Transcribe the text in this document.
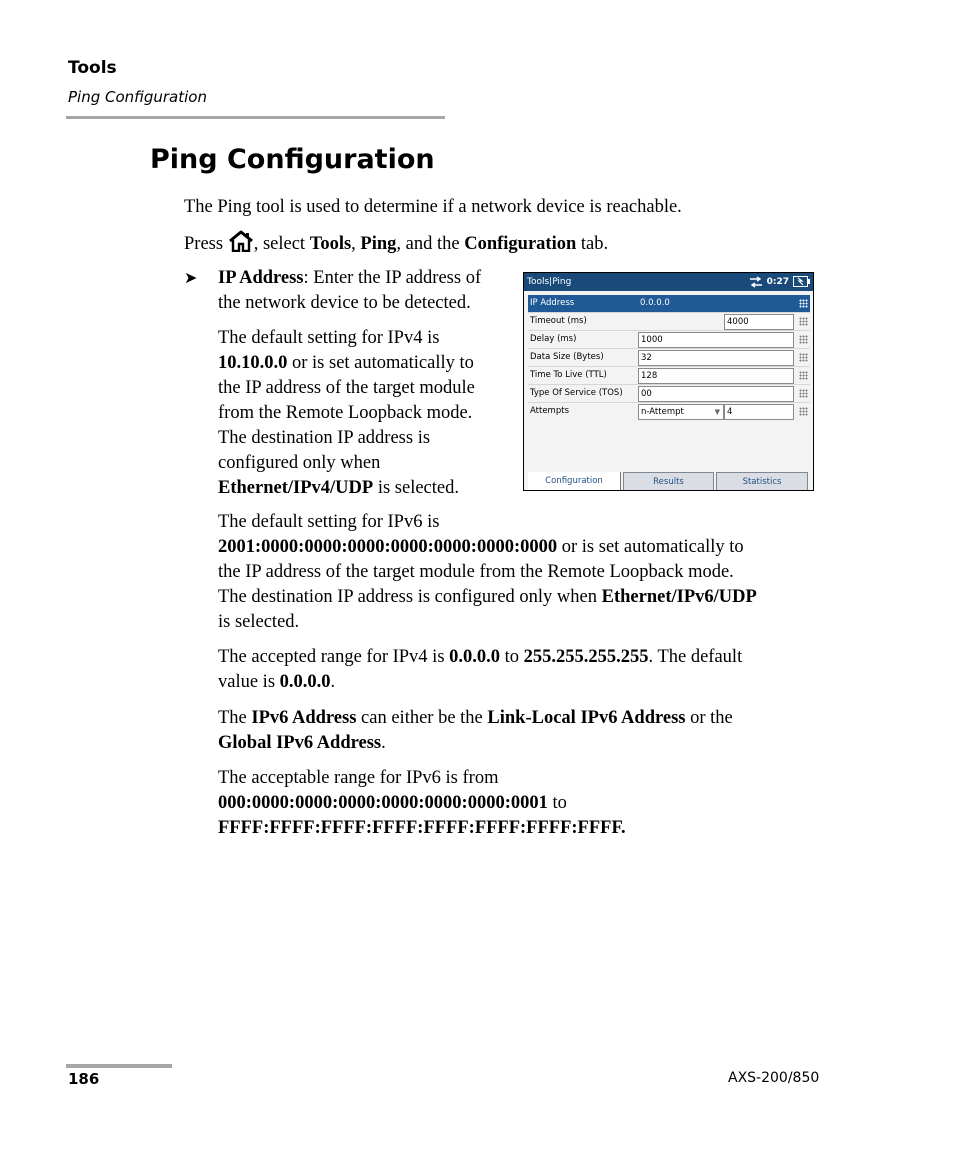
Tools
Ping Configuration
Ping Configuration
The Ping tool is used to determine if a network device is reachable.
Press , select Tools, Ping, and the Configuration tab.
➤ IP Address: Enter the IP address of
the network device to be detected.
The default setting for IPv4 is
10.10.0.0 or is set automatically to
the IP address of the target module
from the Remote Loopback mode.
The destination IP address is
configured only when
Ethernet/IPv4/UDP is selected.
Tools|Ping	0:27
IP Address	0.0.0.0
Timeout (ms)	4000
Delay (ms)	1000
Data Size (Bytes)	32
Time To Live (TTL)	128
Type Of Service (TOS)	00
Attempts	n-Attempt	▼ 4
Configuration	Results	Statistics
The default setting for IPv6 is
2001:0000:0000:0000:0000:0000:0000:0000 or is set automatically to
the IP address of the target module from the Remote Loopback mode.
The destination IP address is configured only when Ethernet/IPv6/UDP
is selected.
The accepted range for IPv4 is 0.0.0.0 to 255.255.255.255. The default
value is 0.0.0.0.
The IPv6 Address can either be the Link-Local IPv6 Address or the
Global IPv6 Address.
The acceptable range for IPv6 is from
000:0000:0000:0000:0000:0000:0000:0001 to
FFFF:FFFF:FFFF:FFFF:FFFF:FFFF:FFFF:FFFF.
186	AXS-200/850
